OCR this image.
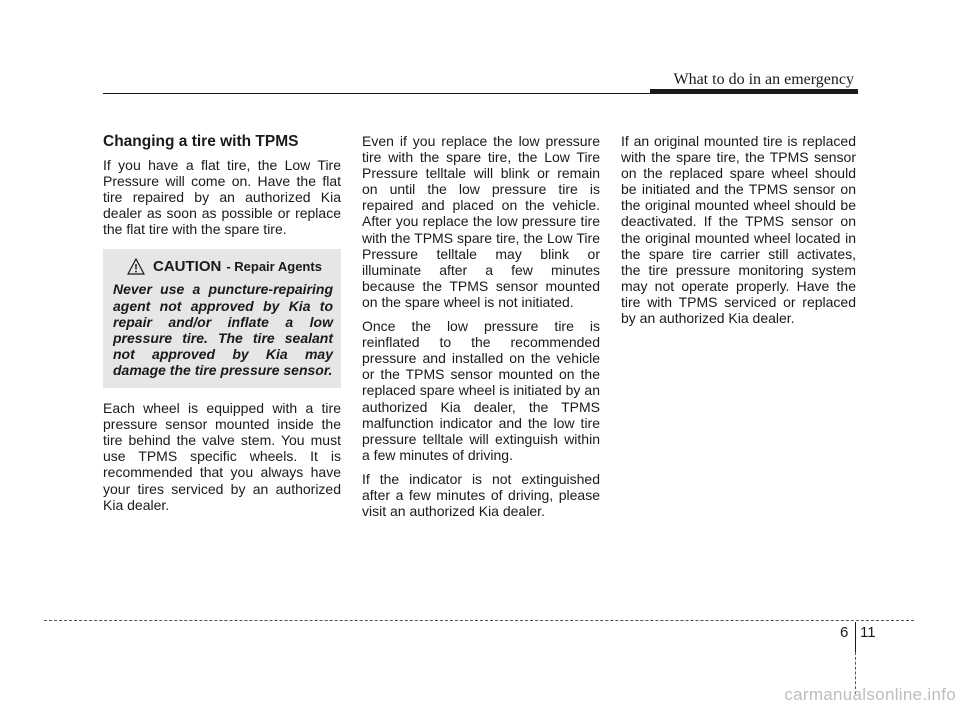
What to do in an emergency
Changing a tire with TPMS

If you have a flat tire, the Low Tire Pressure will come on. Have the flat tire repaired by an authorized Kia dealer as soon as possible or replace the flat tire with the spare tire.

CAUTION - Repair Agents
Never use a puncture-repairing agent not approved by Kia to repair and/or inflate a low pressure tire. The tire sealant not approved by Kia may damage the tire pressure sensor.

Each wheel is equipped with a tire pressure sensor mounted inside the tire behind the valve stem. You must use TPMS specific wheels. It is recommended that you always have your tires serviced by an authorized Kia dealer.

Even if you replace the low pressure tire with the spare tire, the Low Tire Pressure telltale will blink or remain on until the low pressure tire is repaired and placed on the vehicle. After you replace the low pressure tire with the TPMS spare tire, the Low Tire Pressure telltale may blink or illuminate after a few minutes because the TPMS sensor mounted on the spare wheel is not initiated.

Once the low pressure tire is reinflated to the recommended pressure and installed on the vehicle or the TPMS sensor mounted on the replaced spare wheel is initiated by an authorized Kia dealer, the TPMS malfunction indicator and the low tire pressure telltale will extinguish within a few minutes of driving.

If the indicator is not extinguished after a few minutes of driving, please visit an authorized Kia dealer.

If an original mounted tire is replaced with the spare tire, the TPMS sensor on the replaced spare wheel should be initiated and the TPMS sensor on the original mounted wheel should be deactivated. If the TPMS sensor on the original mounted wheel located in the spare tire carrier still activates, the tire pressure monitoring system may not operate properly. Have the tire with TPMS serviced or replaced by an authorized Kia dealer.

6 11
carmanualsonline.info
